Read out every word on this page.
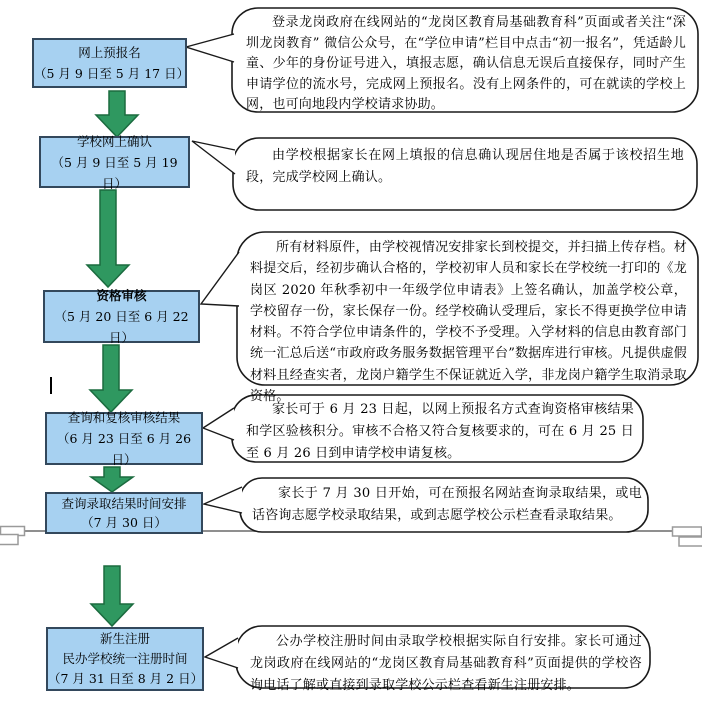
网上预报名
（5 月 9 日至 5 月 17 日）
学校网上确认
（5 月 9 日至 5 月 19 日）
资格审核
（5 月 20 日至 6 月 22 日）
查询和复核审核结果
（6 月 23 日至 6 月 26 日）
查询录取结果时间安排
（7 月 30 日）
新生注册
民办学校统一注册时间
（7 月 31 日至 8 月 2 日）
登录龙岗政府在线网站的“龙岗区教育局基础教育科”页面或者关注“深圳龙岗教育” 微信公众号，在“学位申请”栏目中点击“初一报名”，凭适龄儿童、少年的身份证号进入，填报志愿，确认信息无误后直接保存，同时产生申请学位的流水号，完成网上预报名。没有上网条件的，可在就读的学校上网，也可向地段内学校请求协助。
由学校根据家长在网上填报的信息确认现居住地是否属于该校招生地段，完成学校网上确认。
所有材料原件，由学校视情况安排家长到校提交，并扫描上传存档。材料提交后，经初步确认合格的，学校初审人员和家长在学校统一打印的《龙岗区 2020 年秋季初中一年级学位申请表》上签名确认，加盖学校公章，学校留存一份，家长保存一份。经学校确认受理后，家长不得更换学位申请材料。不符合学位申请条件的，学校不予受理。入学材料的信息由教育部门统一汇总后送“市政府政务服务数据管理平台”数据库进行审核。凡提供虚假材料且经查实者，龙岗户籍学生不保证就近入学，非龙岗户籍学生取消录取资格。
家长可于 6 月 23 日起，以网上预报名方式查询资格审核结果和学区验核积分。审核不合格又符合复核要求的，可在 6 月 25 日至 6 月 26 日到申请学校申请复核。
家长于 7 月 30 日开始，可在预报名网站查询录取结果，或电话咨询志愿学校录取结果，或到志愿学校公示栏查看录取结果。
公办学校注册时间由录取学校根据实际自行安排。家长可通过龙岗政府在线网站的“龙岗区教育局基础教育科”页面提供的学校咨询电话了解或直接到录取学校公示栏查看新生注册安排。
